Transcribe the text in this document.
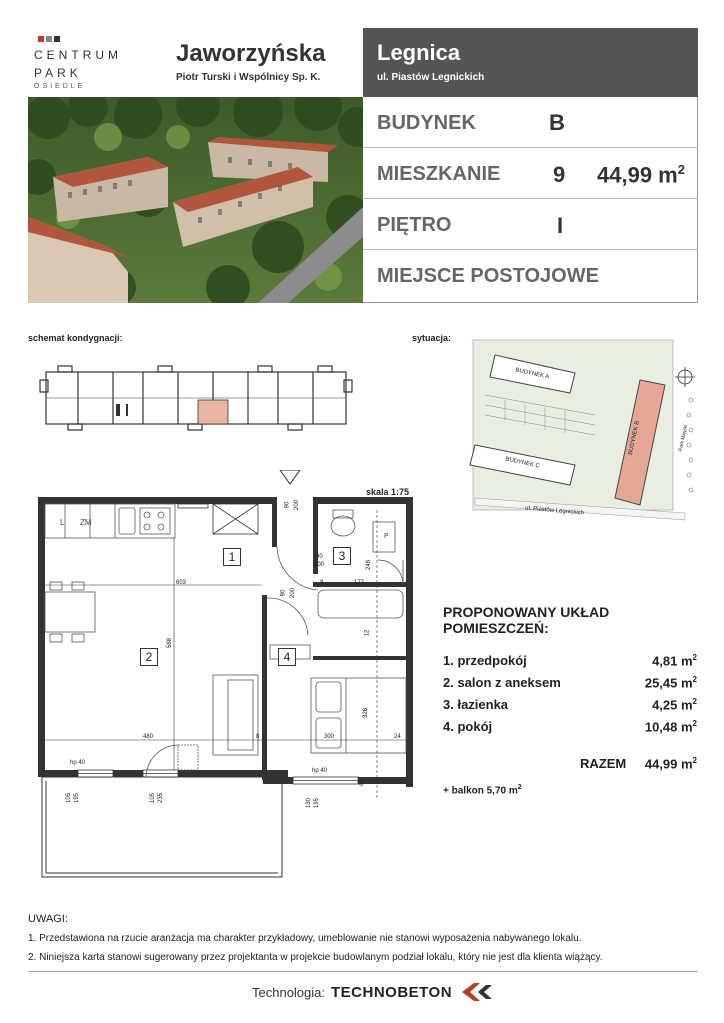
CENTRUM
PARK
OSIEDLE
Jaworzyńska
Piotr Turski i Wspólnicy Sp. K.
Legnica
ul. Piastów Legnickich
BUDYNEK	B
MIESZKANIE 9 44,99 $m^2$
PIĘTRO	I
MIEJSCE POSTOJOWE
schemat kondygnacji:	sytuacja:
BUDYNEK A
BUDYNEK C
BUDYNEK B
ul. Piastów Legnickich
Park Miejski
skala 1:75
1
2
3
4
L ZM
P
90 200
80
200
603	177
248
8
80 200
12
588
326
480	8	300	24
hp 40
hp 40
105 195	105 235	130 195
44
PROPONOWANY UKŁAD
POMIESZCZEŃ:
1. przedpokój	4,81 $m^2$
2. salon z aneksem	25,45 $m^2$
3. łazienka	4,25 $m^2$
4. pokój	10,48 $m^2$
RAZEM 44,99 $m^2$
+ balkon 5,70 $m^2$
UWAGI:
1. Przedstawiona na rzucie aranżacja ma charakter przykładowy, umeblowanie nie stanowi wyposażenia nabywanego lokalu.
2. Niniejsza karta stanowi sugerowany przez projektanta w projekcie budowlanym podział lokalu, który nie jest dla klienta wiążący.
Technologia: TECHNOBETON
